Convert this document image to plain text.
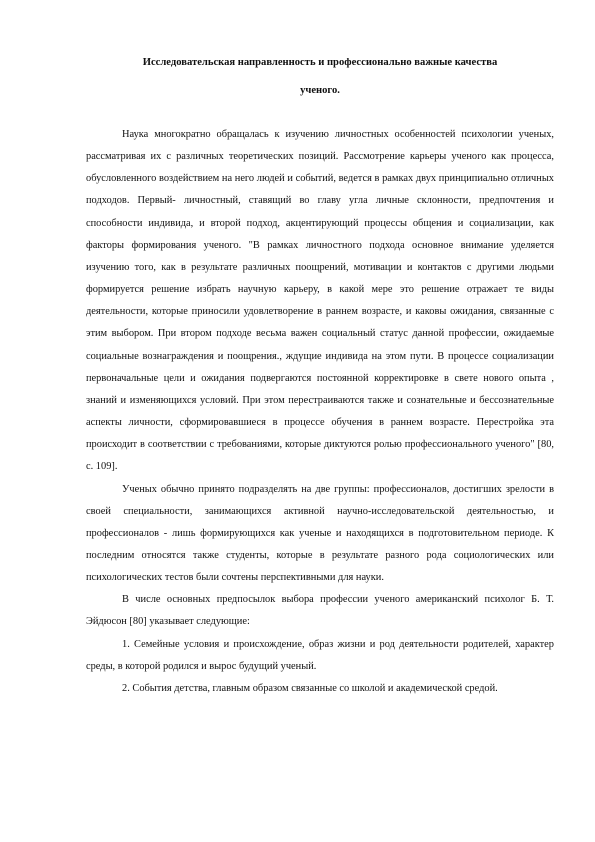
Исследовательская направленность и профессионально важные качества
ученого.

Наука многократно обращалась к изучению личностных особенностей психологии ученых, рассматривая их с различных теоретических позиций. Рассмотрение карьеры ученого как процесса, обусловленного воздействием на него людей и событий, ведется в рамках двух принципиально отличных подходов. Первый- личностный, ставящий во главу угла личные склонности, предпочтения и способности индивида, и второй подход, акцентирующий процессы общения и социализации, как факторы формирования ученого. "В рамках личностного подхода основное внимание уделяется изучению того, как в результате различных поощрений, мотивации и контактов с другими людьми формируется решение избрать научную карьеру, в какой мере это решение отражает те виды деятельности, которые приносили удовлетворение в раннем возрасте, и каковы ожидания, связанные с этим выбором. При втором подходе весьма важен социальный статус данной профессии, ожидаемые социальные вознаграждения и поощрения., ждущие индивида на этом пути. В процессе социализации первоначальные цели и ожидания подвергаются постоянной корректировке в свете нового опыта , знаний и изменяющихся условий. При этом перестраиваются также и сознательные и бессознательные аспекты личности, сформировавшиеся в процессе обучения в раннем возрасте. Перестройка эта происходит в соответствии с требованиями, которые диктуются ролью профессионального ученого" [80, с. 109].

Ученых обычно принято подразделять на две группы: профессионалов, достигших зрелости в своей специальности, занимающихся активной научно-исследовательской деятельностью, и профессионалов - лишь формирующихся как ученые и находящихся в подготовительном периоде. К последним относятся также студенты, которые в результате разного рода социологических или психологических тестов были сочтены перспективными для науки.

В числе основных предпосылок выбора профессии ученого американский психолог Б. Т. Эйдюсон [80] указывает следующие:

1. Семейные условия и происхождение, образ жизни и род деятельности родителей, характер среды, в которой родился и вырос будущий ученый.

2. События детства, главным образом связанные со школой и академической средой.
